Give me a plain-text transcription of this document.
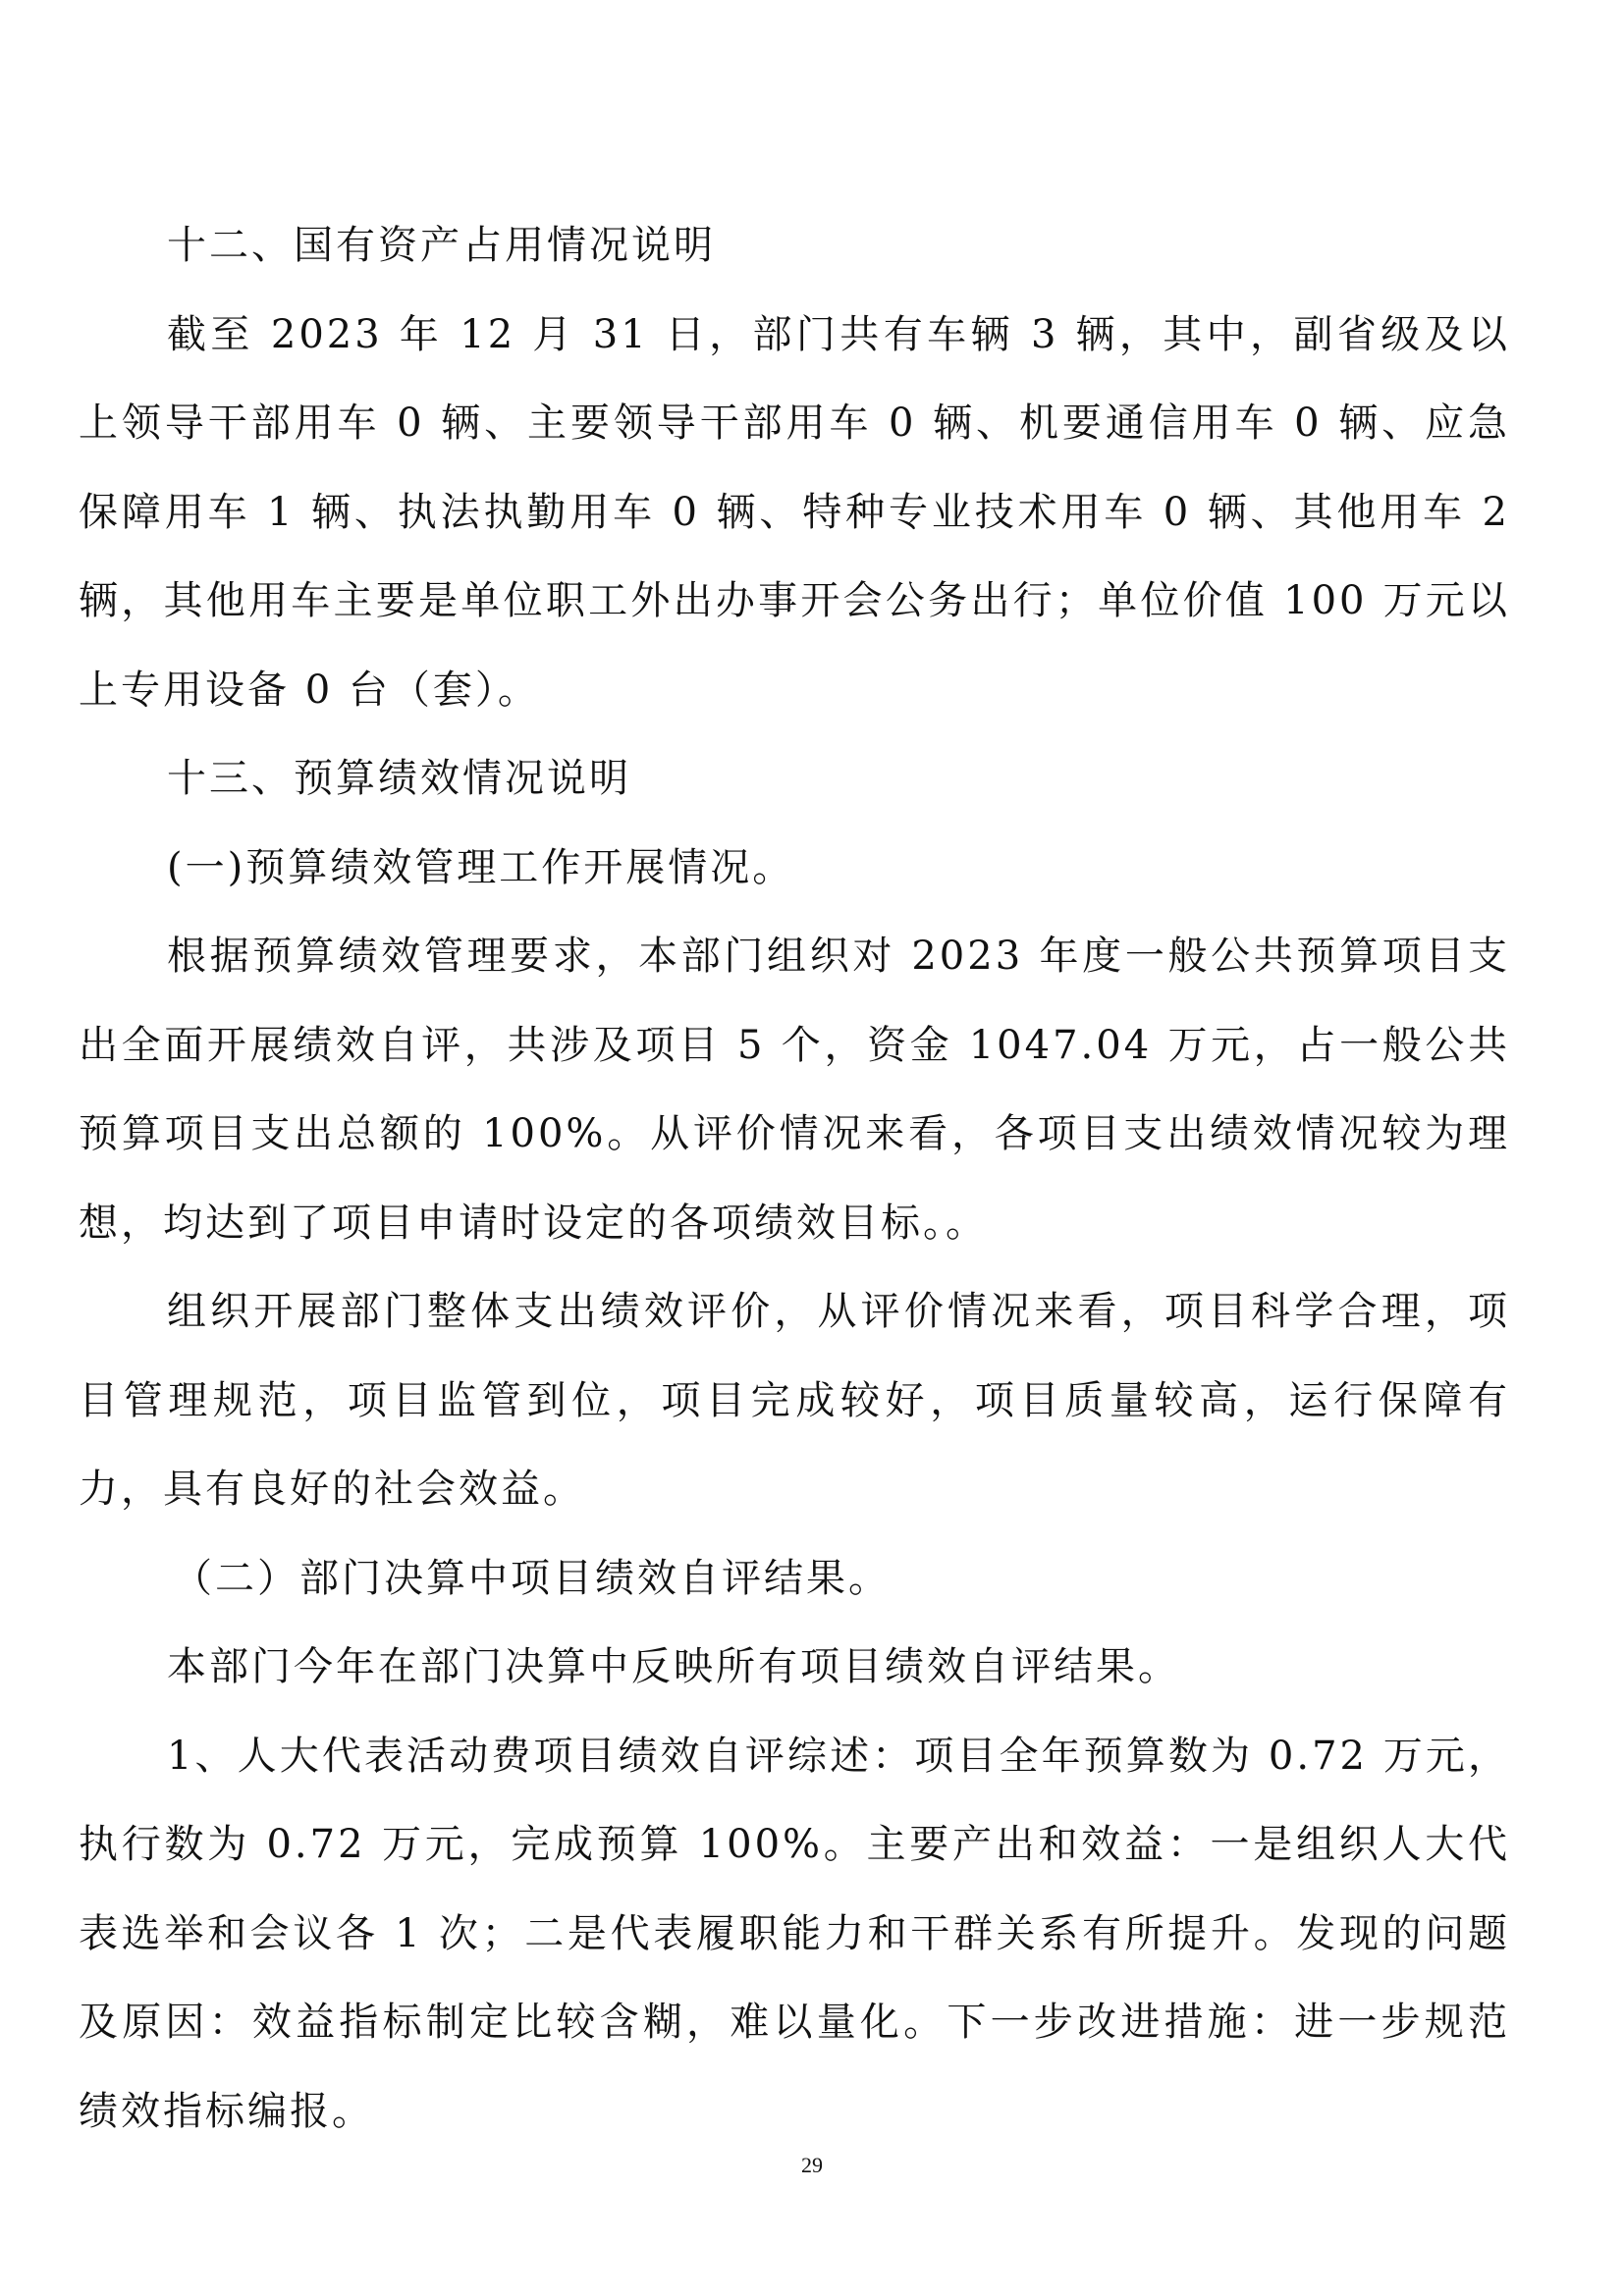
十二、国有资产占用情况说明

截至 2023 年 12 月 31 日，部门共有车辆 3 辆，其中，副省级及以上领导干部用车 0 辆、主要领导干部用车 0 辆、机要通信用车 0 辆、应急保障用车 1 辆、执法执勤用车 0 辆、特种专业技术用车 0 辆、其他用车 2 辆，其他用车主要是单位职工外出办事开会公务出行；单位价值 100 万元以上专用设备 0 台（套）。

十三、预算绩效情况说明

(一)预算绩效管理工作开展情况。

根据预算绩效管理要求，本部门组织对 2023 年度一般公共预算项目支出全面开展绩效自评，共涉及项目 5 个，资金 1047.04 万元，占一般公共预算项目支出总额的 100%。从评价情况来看，各项目支出绩效情况较为理想，均达到了项目申请时设定的各项绩效目标。。

组织开展部门整体支出绩效评价，从评价情况来看，项目科学合理，项目管理规范，项目监管到位，项目完成较好，项目质量较高，运行保障有力，具有良好的社会效益。

（二）部门决算中项目绩效自评结果。

本部门今年在部门决算中反映所有项目绩效自评结果。

1、人大代表活动费项目绩效自评综述：项目全年预算数为 0.72 万元，执行数为 0.72 万元，完成预算 100%。主要产出和效益：一是组织人大代表选举和会议各 1 次；二是代表履职能力和干群关系有所提升。发现的问题及原因：效益指标制定比较含糊，难以量化。下一步改进措施：进一步规范绩效指标编报。

29
